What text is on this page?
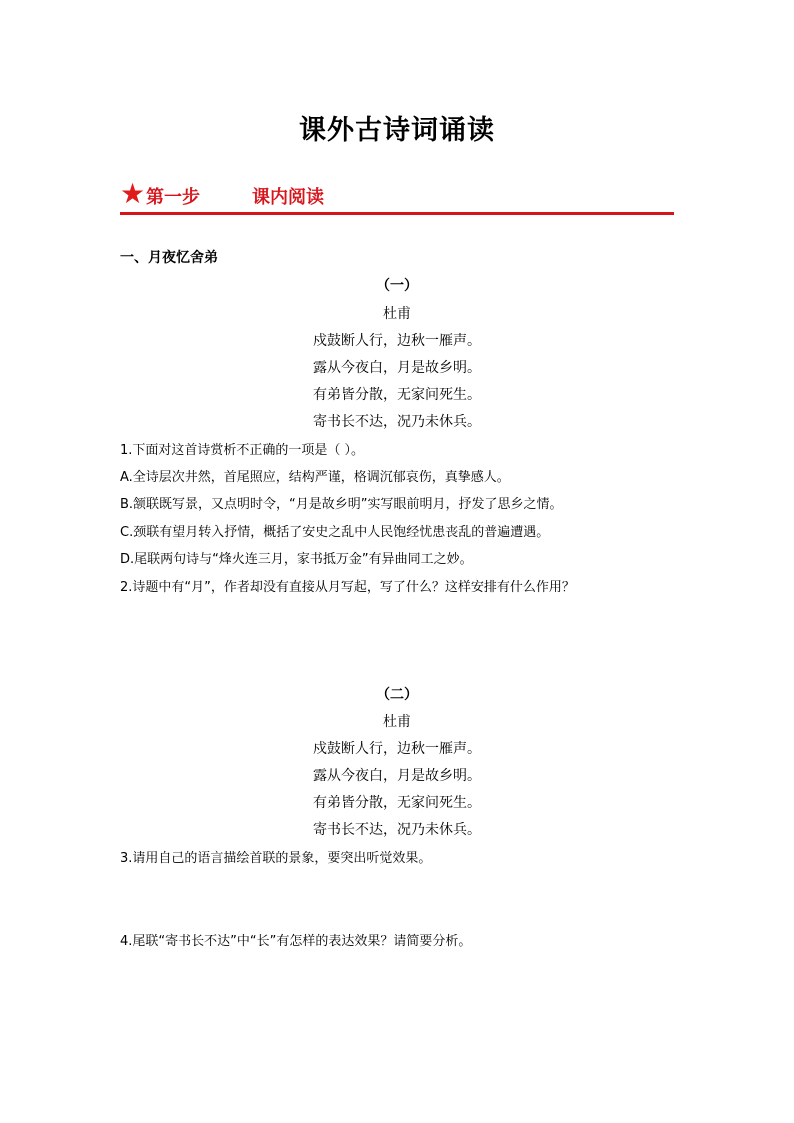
课外古诗词诵读
★ 第一步	课内阅读
一、月夜忆舍弟
（一）
杜甫
戍鼓断人行，边秋一雁声。
露从今夜白，月是故乡明。
有弟皆分散，无家问死生。
寄书长不达，况乃未休兵。
1.下面对这首诗赏析不正确的一项是（ ）。
A.全诗层次井然，首尾照应，结构严谨，格调沉郁哀伤，真挚感人。
B.颔联既写景，又点明时令，“月是故乡明”实写眼前明月，抒发了思乡之情。
C.颈联有望月转入抒情，概括了安史之乱中人民饱经忧患丧乱的普遍遭遇。
D.尾联两句诗与“烽火连三月，家书抵万金”有异曲同工之妙。
2.诗题中有“月”，作者却没有直接从月写起，写了什么？这样安排有什么作用？
（二）
杜甫
戍鼓断人行，边秋一雁声。
露从今夜白，月是故乡明。
有弟皆分散，无家问死生。
寄书长不达，况乃未休兵。
3.请用自己的语言描绘首联的景象，要突出听觉效果。
4.尾联“寄书长不达”中“长”有怎样的表达效果？请简要分析。
